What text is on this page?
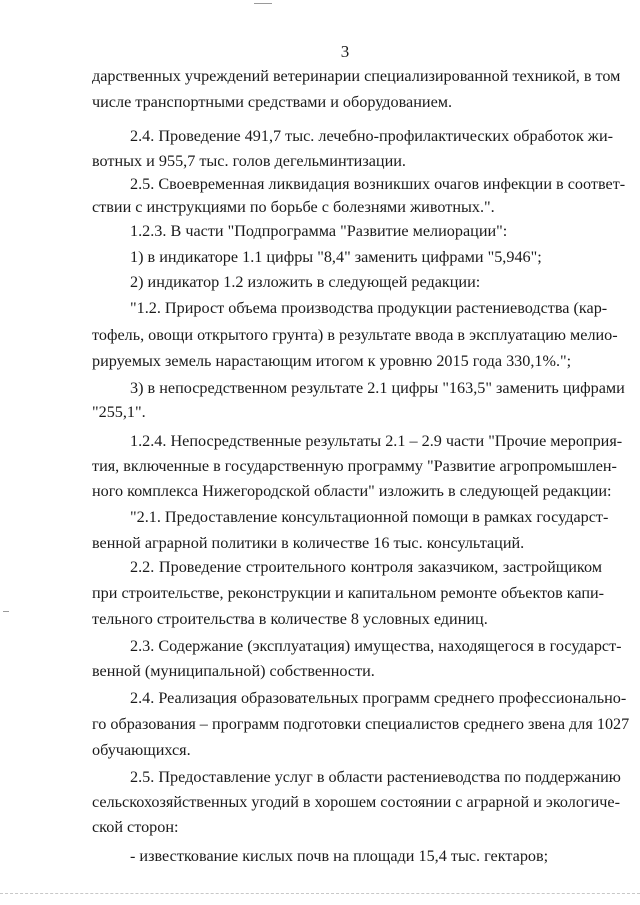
3
дарственных учреждений ветеринарии специализированной техникой, в том
числе транспортными средствами и оборудованием.
2.4. Проведение 491,7 тыс. лечебно-профилактических обработок жи-
вотных и 955,7 тыс. голов дегельминтизации.
2.5. Своевременная ликвидация возникших очагов инфекции в соответ-
ствии с инструкциями по борьбе с болезнями животных.".
1.2.3. В части "Подпрограмма "Развитие мелиорации":
1) в индикаторе 1.1 цифры "8,4" заменить цифрами "5,946";
2) индикатор 1.2 изложить в следующей редакции:
"1.2. Прирост объема производства продукции растениеводства (кар-
тофель, овощи открытого грунта) в результате ввода в эксплуатацию мелио-
рируемых земель нарастающим итогом к уровню 2015 года 330,1%.";
3) в непосредственном результате 2.1 цифры "163,5" заменить цифрами
"255,1".
1.2.4. Непосредственные результаты 2.1 – 2.9 части "Прочие мероприя-
тия, включенные в государственную программу "Развитие агропромышлен-
ного комплекса Нижегородской области" изложить в следующей редакции:
"2.1. Предоставление консультационной помощи в рамках государст-
венной аграрной политики в количестве 16 тыс. консультаций.
2.2. Проведение строительного контроля заказчиком, застройщиком
при строительстве, реконструкции и капитальном ремонте объектов капи-
тельного строительства в количестве 8 условных единиц.
2.3. Содержание (эксплуатация) имущества, находящегося в государст-
венной (муниципальной) собственности.
2.4. Реализация образовательных программ среднего профессионально-
го образования – программ подготовки специалистов среднего звена для 1027
обучающихся.
2.5. Предоставление услуг в области растениеводства по поддержанию
сельскохозяйственных угодий в хорошем состоянии с аграрной и экологиче-
ской сторон:
- известкование кислых почв на площади 15,4 тыс. гектаров;
